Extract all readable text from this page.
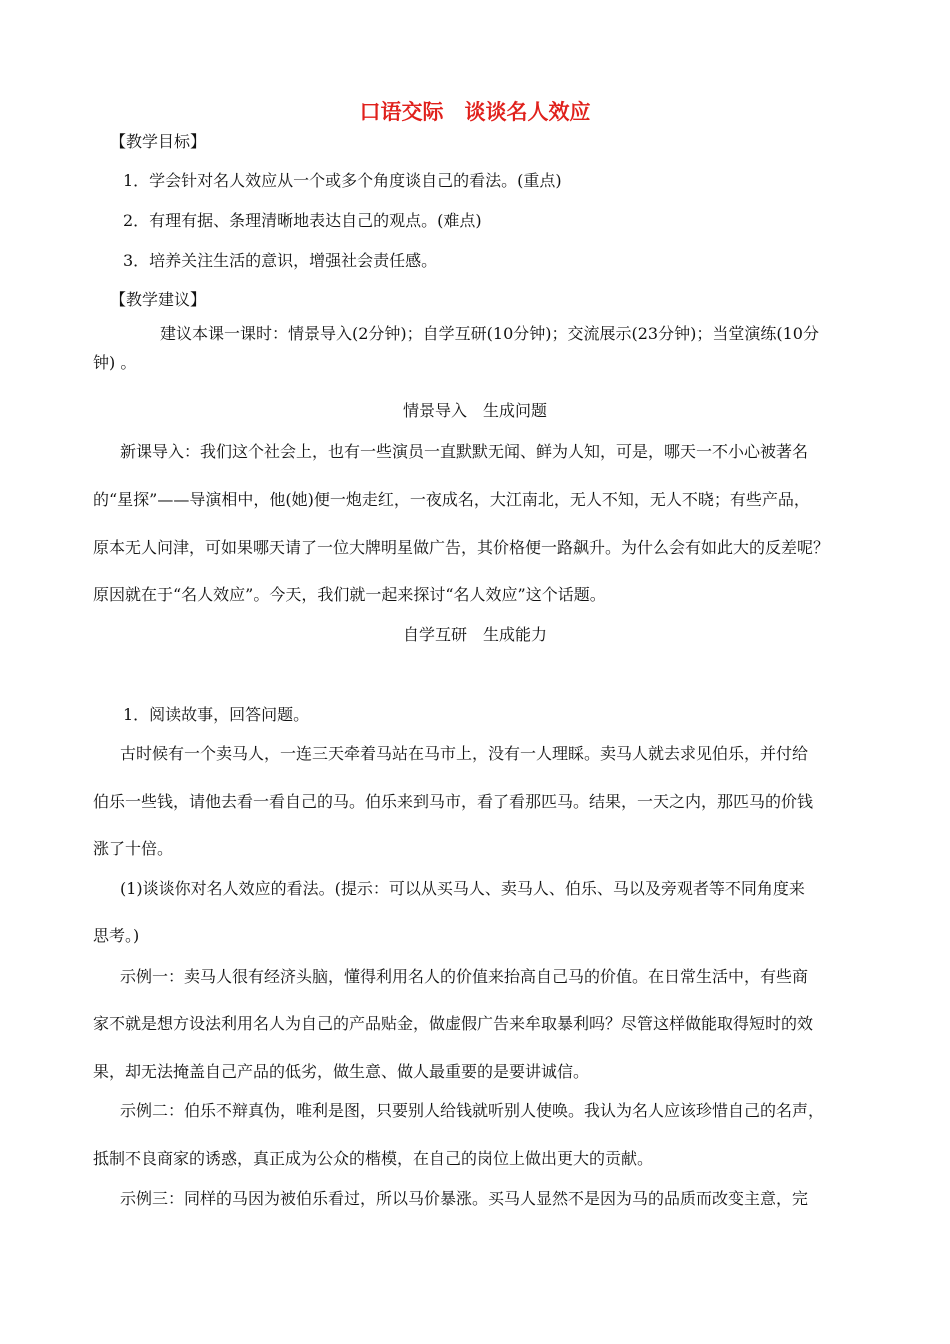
口语交际　谈谈名人效应
【教学目标】
1．学会针对名人效应从一个或多个角度谈自己的看法。(重点)
2．有理有据、条理清晰地表达自己的观点。(难点)
3．培养关注生活的意识，增强社会责任感。
【教学建议】
建议本课一课时：情景导入(2分钟)；自学互研(10分钟)；交流展示(23分钟)；当堂演练(10分
钟) 。
情景导入　生成问题
新课导入：我们这个社会上，也有一些演员一直默默无闻、鲜为人知，可是，哪天一不小心被著名
的“星探”——导演相中，他(她)便一炮走红，一夜成名，大江南北，无人不知，无人不晓；有些产品，
原本无人问津，可如果哪天请了一位大牌明星做广告，其价格便一路飙升。为什么会有如此大的反差呢？
原因就在于“名人效应”。今天，我们就一起来探讨“名人效应”这个话题。
自学互研　生成能力
1．阅读故事，回答问题。
古时候有一个卖马人，一连三天牵着马站在马市上，没有一人理睬。卖马人就去求见伯乐，并付给
伯乐一些钱，请他去看一看自己的马。伯乐来到马市，看了看那匹马。结果，一天之内，那匹马的价钱
涨了十倍。
(1)谈谈你对名人效应的看法。(提示：可以从买马人、卖马人、伯乐、马以及旁观者等不同角度来
思考。)
示例一：卖马人很有经济头脑，懂得利用名人的价值来抬高自己马的价值。在日常生活中，有些商
家不就是想方设法利用名人为自己的产品贴金，做虚假广告来牟取暴利吗？尽管这样做能取得短时的效
果，却无法掩盖自己产品的低劣，做生意、做人最重要的是要讲诚信。
示例二：伯乐不辩真伪，唯利是图，只要别人给钱就听别人使唤。我认为名人应该珍惜自己的名声，
抵制不良商家的诱惑，真正成为公众的楷模，在自己的岗位上做出更大的贡献。
示例三：同样的马因为被伯乐看过，所以马价暴涨。买马人显然不是因为马的品质而改变主意，完
